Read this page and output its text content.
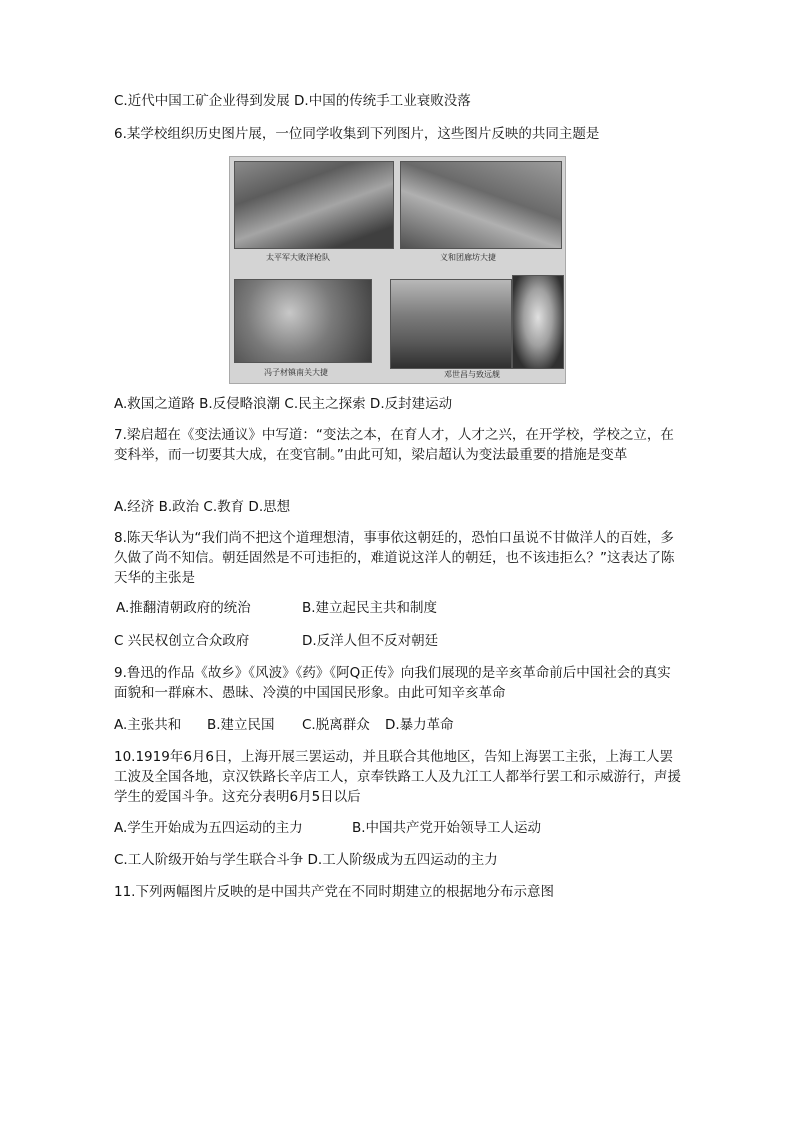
C.近代中国工矿企业得到发展 D.中国的传统手工业衰败没落
6.某学校组织历史图片展，一位同学收集到下列图片，这些图片反映的共同主题是
太平军大败洋枪队	义和团廊坊大捷
冯子材镇南关大捷	邓世昌与致远舰
A.救国之道路 B.反侵略浪潮 C.民主之探索 D.反封建运动
7.梁启超在《变法通议》中写道：“变法之本，在育人才，人才之兴，在开学校，学校之立，在变科举，而一切要其大成，在变官制。”由此可知，梁启超认为变法最重要的措施是变革
A.经济 B.政治 C.教育 D.思想
8.陈天华认为“我们尚不把这个道理想清，事事依这朝廷的，恐怕口虽说不甘做洋人的百姓，多久做了尚不知信。朝廷固然是不可违拒的，难道说这洋人的朝廷，也不该违拒么？”这表达了陈天华的主张是
A.推翻清朝政府的统治	B.建立起民主共和制度
C 兴民权创立合众政府	D.反洋人但不反对朝廷
9.鲁迅的作品《故乡》《风波》《药》《阿Q正传》向我们展现的是辛亥革命前后中国社会的真实面貌和一群麻木、愚昧、冷漠的中国国民形象。由此可知辛亥革命
A.主张共和 B.建立民国 C.脱离群众 D.暴力革命
10.1919年6月6日，上海开展三罢运动，并且联合其他地区，告知上海罢工主张，上海工人罢工波及全国各地，京汉铁路长辛店工人，京奉铁路工人及九江工人都举行罢工和示威游行，声援学生的爱国斗争。这充分表明6月5日以后
A.学生开始成为五四运动的主力	B.中国共产党开始领导工人运动
C.工人阶级开始与学生联合斗争 D.工人阶级成为五四运动的主力
11.下列两幅图片反映的是中国共产党在不同时期建立的根据地分布示意图
